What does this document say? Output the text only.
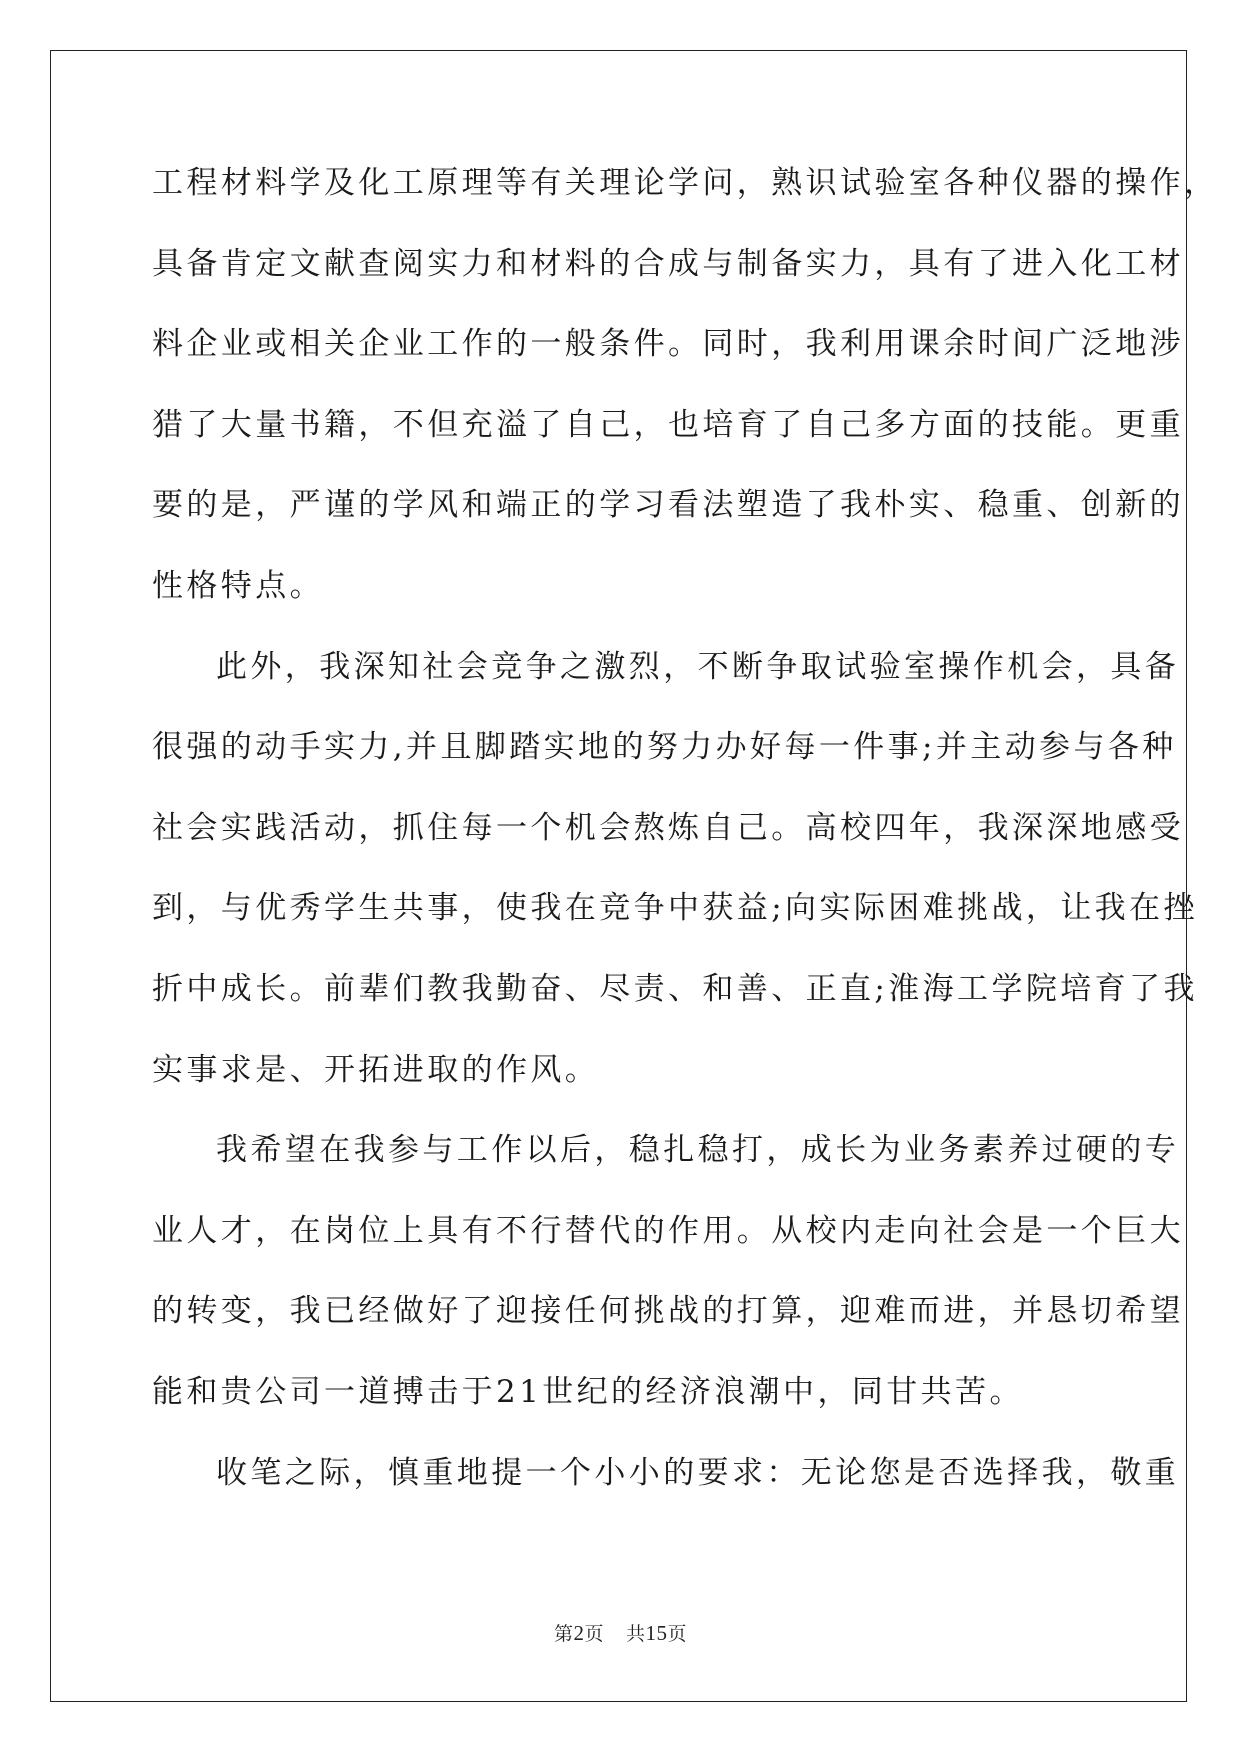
工程材料学及化工原理等有关理论学问，熟识试验室各种仪器的操作，
具备肯定文献查阅实力和材料的合成与制备实力，具有了进入化工材
料企业或相关企业工作的一般条件。同时，我利用课余时间广泛地涉
猎了大量书籍，不但充溢了自己，也培育了自己多方面的技能。更重
要的是，严谨的学风和端正的学习看法塑造了我朴实、稳重、创新的
性格特点。
此外，我深知社会竞争之激烈，不断争取试验室操作机会，具备
很强的动手实力,并且脚踏实地的努力办好每一件事;并主动参与各种
社会实践活动，抓住每一个机会熬炼自己。高校四年，我深深地感受
到，与优秀学生共事，使我在竞争中获益;向实际困难挑战，让我在挫
折中成长。前辈们教我勤奋、尽责、和善、正直;淮海工学院培育了我
实事求是、开拓进取的作风。
我希望在我参与工作以后，稳扎稳打，成长为业务素养过硬的专
业人才，在岗位上具有不行替代的作用。从校内走向社会是一个巨大
的转变，我已经做好了迎接任何挑战的打算，迎难而进，并恳切希望
能和贵公司一道搏击于21世纪的经济浪潮中，同甘共苦。
收笔之际，慎重地提一个小小的要求：无论您是否选择我，敬重
第2页 共15页
